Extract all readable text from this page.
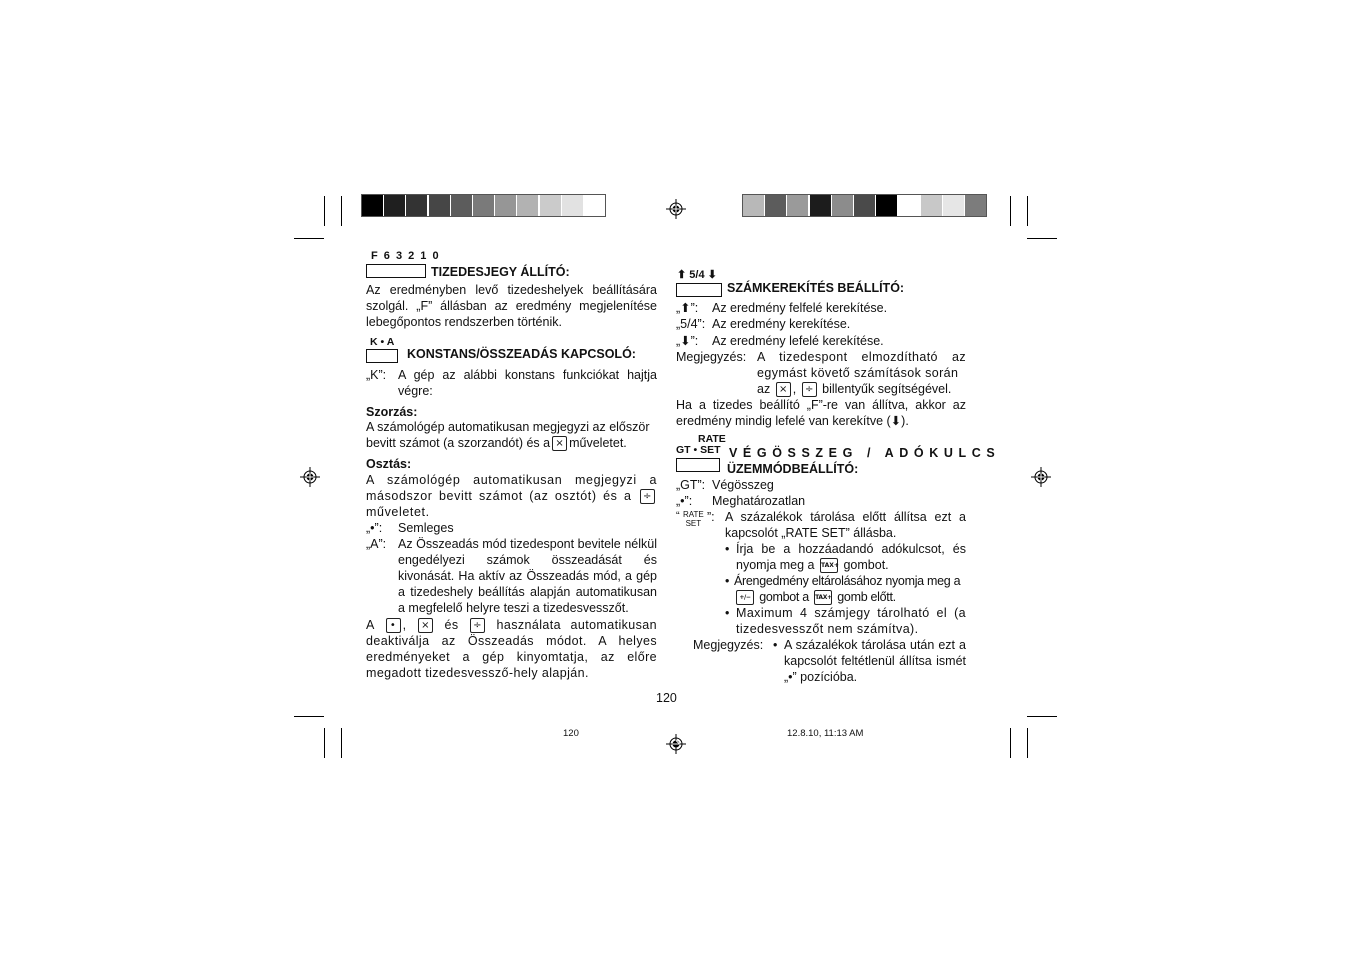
F 6 3 2 1 0
TIZEDESJEGY ÁLLÍTÓ:
Az eredményben levő tizedeshelyek beállítására szolgál. „F” állásban az eredmény megjelenítése lebegőpontos rendszerben történik.
K • A
KONSTANS/ÖSSZEADÁS KAPCSOLÓ:
„K”: A gép az alábbi konstans funkciókat hajtja végre:
Szorzás:
A számológép automatikusan megjegyzi az először bevitt számot (a szorzandót) és a × műveletet.
Osztás:
A számológép automatikusan megjegyzi a másodszor bevitt számot (az osztót) és a ÷ műveletet.
„•”: Semleges
„A”: Az Összeadás mód tizedespont bevitele nélkül engedélyezi számok összeadását és kivonását. Ha aktív az Összeadás mód, a gép a tizedeshely beállítás alapján automatikusan a megfelelő helyre teszi a tizedesvesszőt.
A • , × és ÷ használata automatikusan deaktiválja az Összeadás módot. A helyes eredményeket a gép kinyomtatja, az előre megadott tizedesvessző-hely alapján.
⬆ 5/4 ⬇
SZÁMKEREKÍTÉS BEÁLLÍTÓ:
„⬆”: Az eredmény felfelé kerekítése.
„5/4”: Az eredmény kerekítése.
„⬇”: Az eredmény lefelé kerekítése.
Megjegyzés: A tizedespont elmozdítható az egymást követő számítások során
az × , ÷ billentyűk segítségével.
Ha a tizedes beállító „F”-re van állítva, akkor az eredmény mindig lefelé van kerekítve (⬇).
RATE
GT • SET VÉGÖSSZEG / ADÓKULCS
ÜZEMMÓDBEÁLLÍTÓ:
„GT”: Végösszeg
„•”: Meghatározatlan
“ RATE
SET ”: A százalékok tárolása előtt állítsa ezt a kapcsolót „RATE SET” állásba.
• Írja be a hozzáadandó adókulcsot, és nyomja meg a TAX+ gombot.
• Árengedmény eltárolásához nyomja meg a +/− gombot a TAX+ gomb előtt.
• Maximum 4 számjegy tárolható el (a tizedesvesszőt nem számítva).
Megjegyzés: • A százalékok tárolása után ezt a kapcsolót feltétlenül állítsa ismét „•” pozícióba.
120
120	12.8.10, 11:13 AM
